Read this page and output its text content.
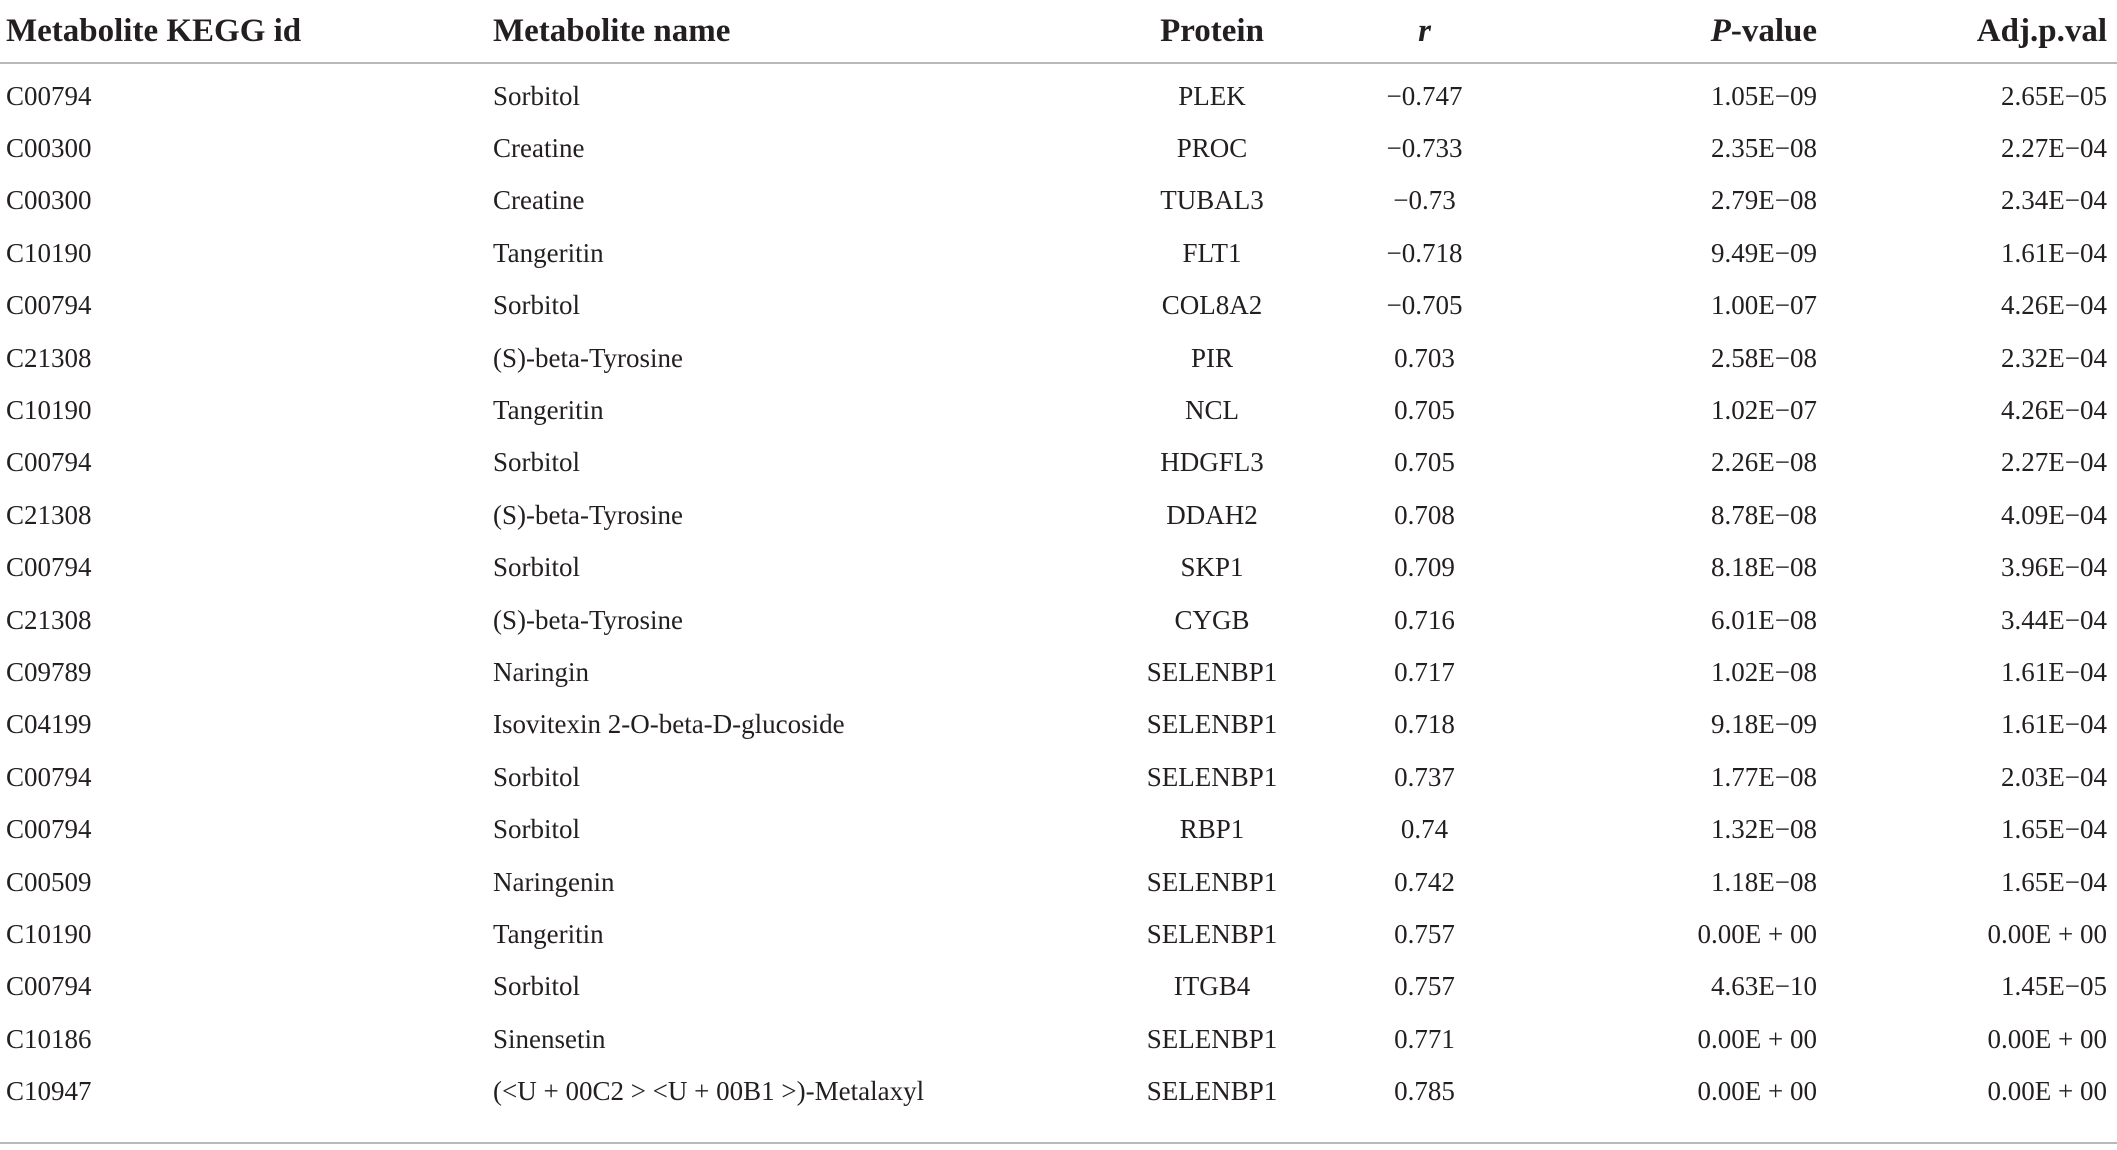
Metabolite KEGG id	Metabolite name	Protein	r	P-value	Adj.p.val
C00794	Sorbitol	PLEK	−0.747	1.05E−09	2.65E−05
C00300	Creatine	PROC	−0.733	2.35E−08	2.27E−04
C00300	Creatine	TUBAL3	−0.73	2.79E−08	2.34E−04
C10190	Tangeritin	FLT1	−0.718	9.49E−09	1.61E−04
C00794	Sorbitol	COL8A2	−0.705	1.00E−07	4.26E−04
C21308	(S)-beta-Tyrosine	PIR	0.703	2.58E−08	2.32E−04
C10190	Tangeritin	NCL	0.705	1.02E−07	4.26E−04
C00794	Sorbitol	HDGFL3	0.705	2.26E−08	2.27E−04
C21308	(S)-beta-Tyrosine	DDAH2	0.708	8.78E−08	4.09E−04
C00794	Sorbitol	SKP1	0.709	8.18E−08	3.96E−04
C21308	(S)-beta-Tyrosine	CYGB	0.716	6.01E−08	3.44E−04
C09789	Naringin	SELENBP1	0.717	1.02E−08	1.61E−04
C04199	Isovitexin 2-O-beta-D-glucoside	SELENBP1	0.718	9.18E−09	1.61E−04
C00794	Sorbitol	SELENBP1	0.737	1.77E−08	2.03E−04
C00794	Sorbitol	RBP1	0.74	1.32E−08	1.65E−04
C00509	Naringenin	SELENBP1	0.742	1.18E−08	1.65E−04
C10190	Tangeritin	SELENBP1	0.757	0.00E + 00	0.00E + 00
C00794	Sorbitol	ITGB4	0.757	4.63E−10	1.45E−05
C10186	Sinensetin	SELENBP1	0.771	0.00E + 00	0.00E + 00
C10947	(<U + 00C2 > <U + 00B1 >)-Metalaxyl	SELENBP1	0.785	0.00E + 00	0.00E + 00
